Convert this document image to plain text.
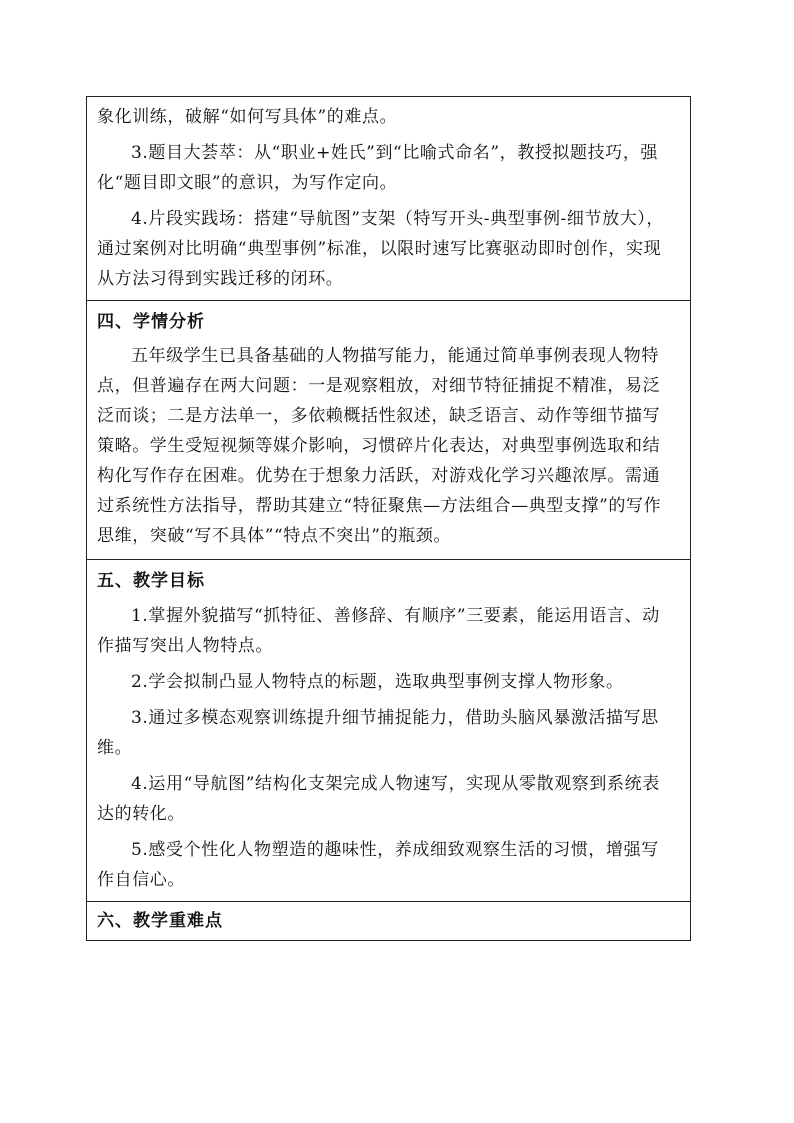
象化训练，破解“如何写具体”的难点。

3.题目大荟萃：从“职业+姓氏”到“比喻式命名”，教授拟题技巧，强化“题目即文眼”的意识，为写作定向。

4.片段实践场：搭建“导航图”支架（特写开头-典型事例-细节放大），通过案例对比明确“典型事例”标准，以限时速写比赛驱动即时创作，实现从方法习得到实践迁移的闭环。

四、学情分析

五年级学生已具备基础的人物描写能力，能通过简单事例表现人物特点，但普遍存在两大问题：一是观察粗放，对细节特征捕捉不精准，易泛泛而谈；二是方法单一，多依赖概括性叙述，缺乏语言、动作等细节描写策略。学生受短视频等媒介影响，习惯碎片化表达，对典型事例选取和结构化写作存在困难。优势在于想象力活跃，对游戏化学习兴趣浓厚。需通过系统性方法指导，帮助其建立“特征聚焦—方法组合—典型支撑”的写作思维，突破“写不具体”“特点不突出”的瓶颈。

五、教学目标

1.掌握外貌描写“抓特征、善修辞、有顺序”三要素，能运用语言、动作描写突出人物特点。

2.学会拟制凸显人物特点的标题，选取典型事例支撑人物形象。

3.通过多模态观察训练提升细节捕捉能力，借助头脑风暴激活描写思维。

4.运用“导航图”结构化支架完成人物速写，实现从零散观察到系统表达的转化。

5.感受个性化人物塑造的趣味性，养成细致观察生活的习惯，增强写作自信心。

六、教学重难点
